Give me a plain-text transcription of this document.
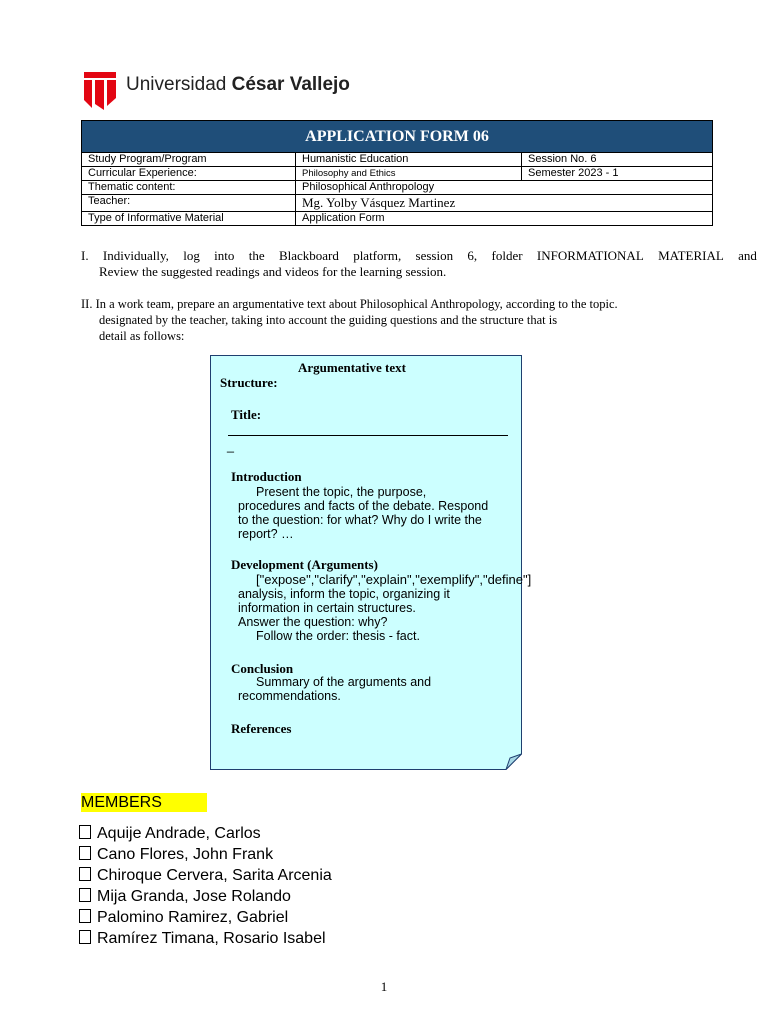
Universidad César Vallejo
APPLICATION FORM 06		
Study Program/Program	Humanistic Education	Session No. 6
Curricular Experience:	Philosophy and Ethics	Semester 2023 - 1
Thematic content:	Philosophical Anthropology	
Teacher:	Mg. Yolby Vásquez Martinez	
Type of Informative Material	Application Form	
I. Individually, log into the Blackboard platform, session 6, folder INFORMATIONAL MATERIAL and
Review the suggested readings and videos for the learning session.
II. In a work team, prepare an argumentative text about Philosophical Anthropology, according to the topic.
designated by the teacher, taking into account the guiding questions and the structure that is
detail as follows:
Argumentative text
Structure:
Title:
_
Introduction
Present the topic, the purpose,
procedures and facts of the debate. Respond
to the question: for what? Why do I write the
report? …
Development (Arguments)
["expose","clarify","explain","exemplify","define"]
analysis, inform the topic, organizing it
information in certain structures.
Answer the question: why?
Follow the order: thesis - fact.
Conclusion
Summary of the arguments and
recommendations.
References
MEMBERS
Aquije Andrade, Carlos
Cano Flores, John Frank
Chiroque Cervera, Sarita Arcenia
Mija Granda, Jose Rolando
Palomino Ramirez, Gabriel
Ramírez Timana, Rosario Isabel
1
